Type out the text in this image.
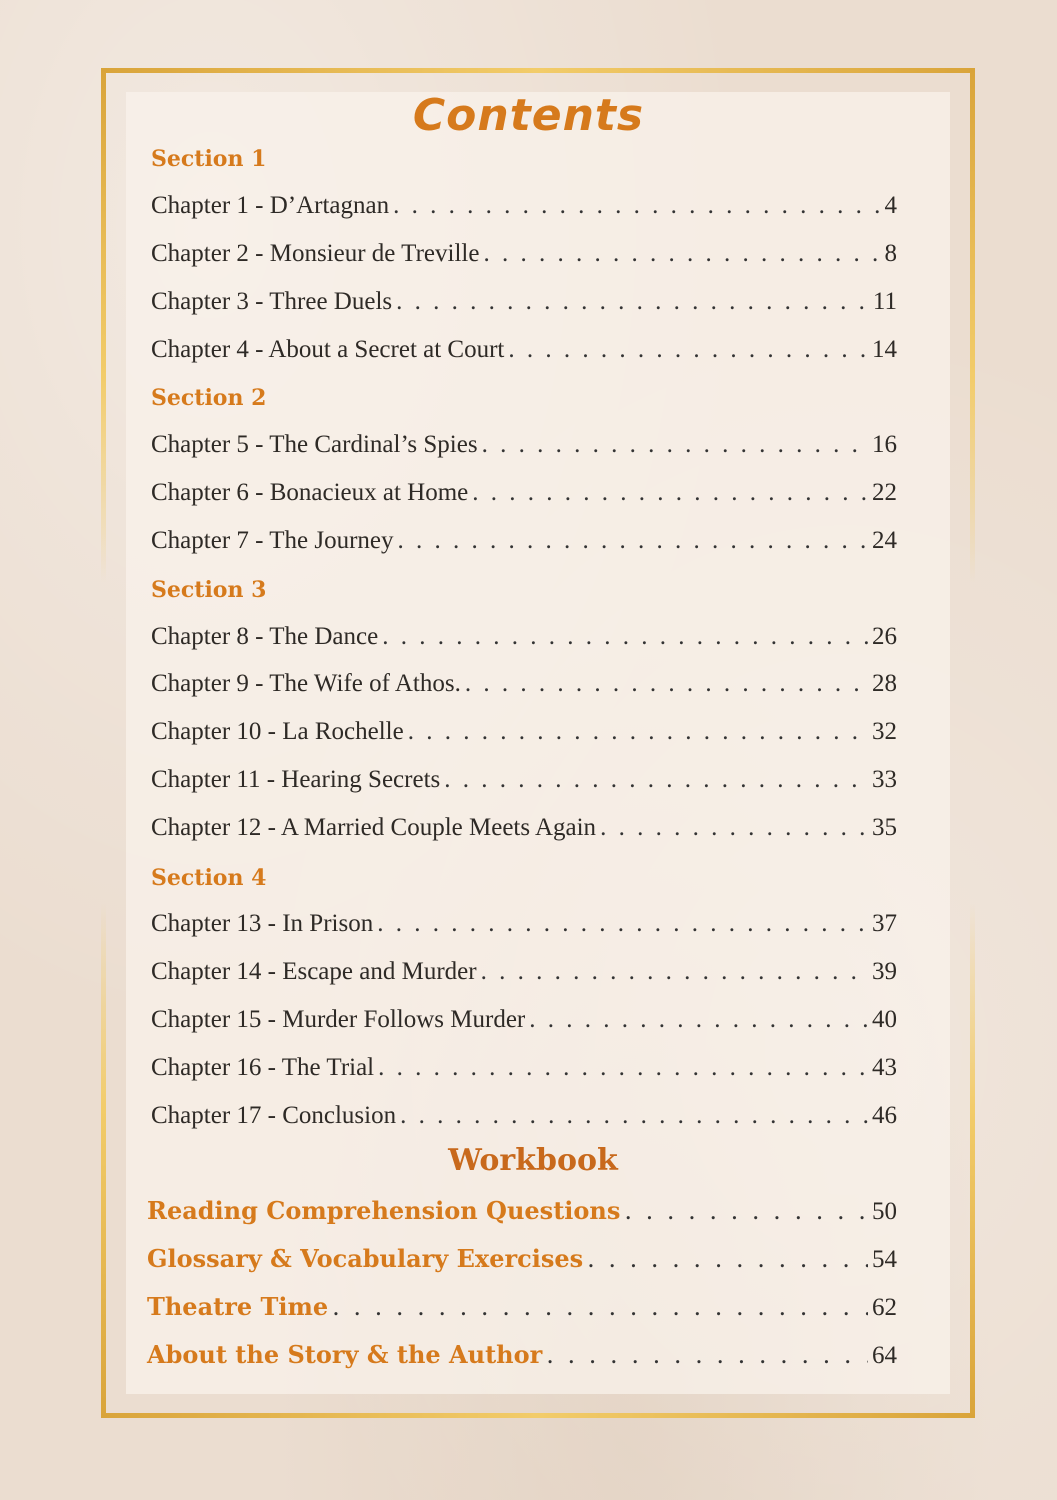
Contents
Section 1
Chapter 1 - D’Artagnan . . .	4
Chapter 2 - Monsieur de Treville . . .	8
Chapter 3 - Three Duels . . .	11
Chapter 4 - About a Secret at Court . . .	14
Section 2
Chapter 5 - The Cardinal’s Spies . . .	16
Chapter 6 - Bonacieux at Home . . .	22
Chapter 7 - The Journey . . .	24
Section 3
Chapter 8 - The Dance . . .	26
Chapter 9 - The Wife of Athos. . . .	28
Chapter 10 - La Rochelle . . .	32
Chapter 11 - Hearing Secrets . . .	33
Chapter 12 - A Married Couple Meets Again . . .	35
Section 4
Chapter 13 - In Prison . . .	37
Chapter 14 - Escape and Murder . . .	39
Chapter 15 - Murder Follows Murder . . .	40
Chapter 16 - The Trial . . .	43
Chapter 17 - Conclusion . . .	46
Workbook
Reading Comprehension Questions . . .	50
Glossary & Vocabulary Exercises . . .	54
Theatre Time . . .	62
About the Story & the Author . . .	64
